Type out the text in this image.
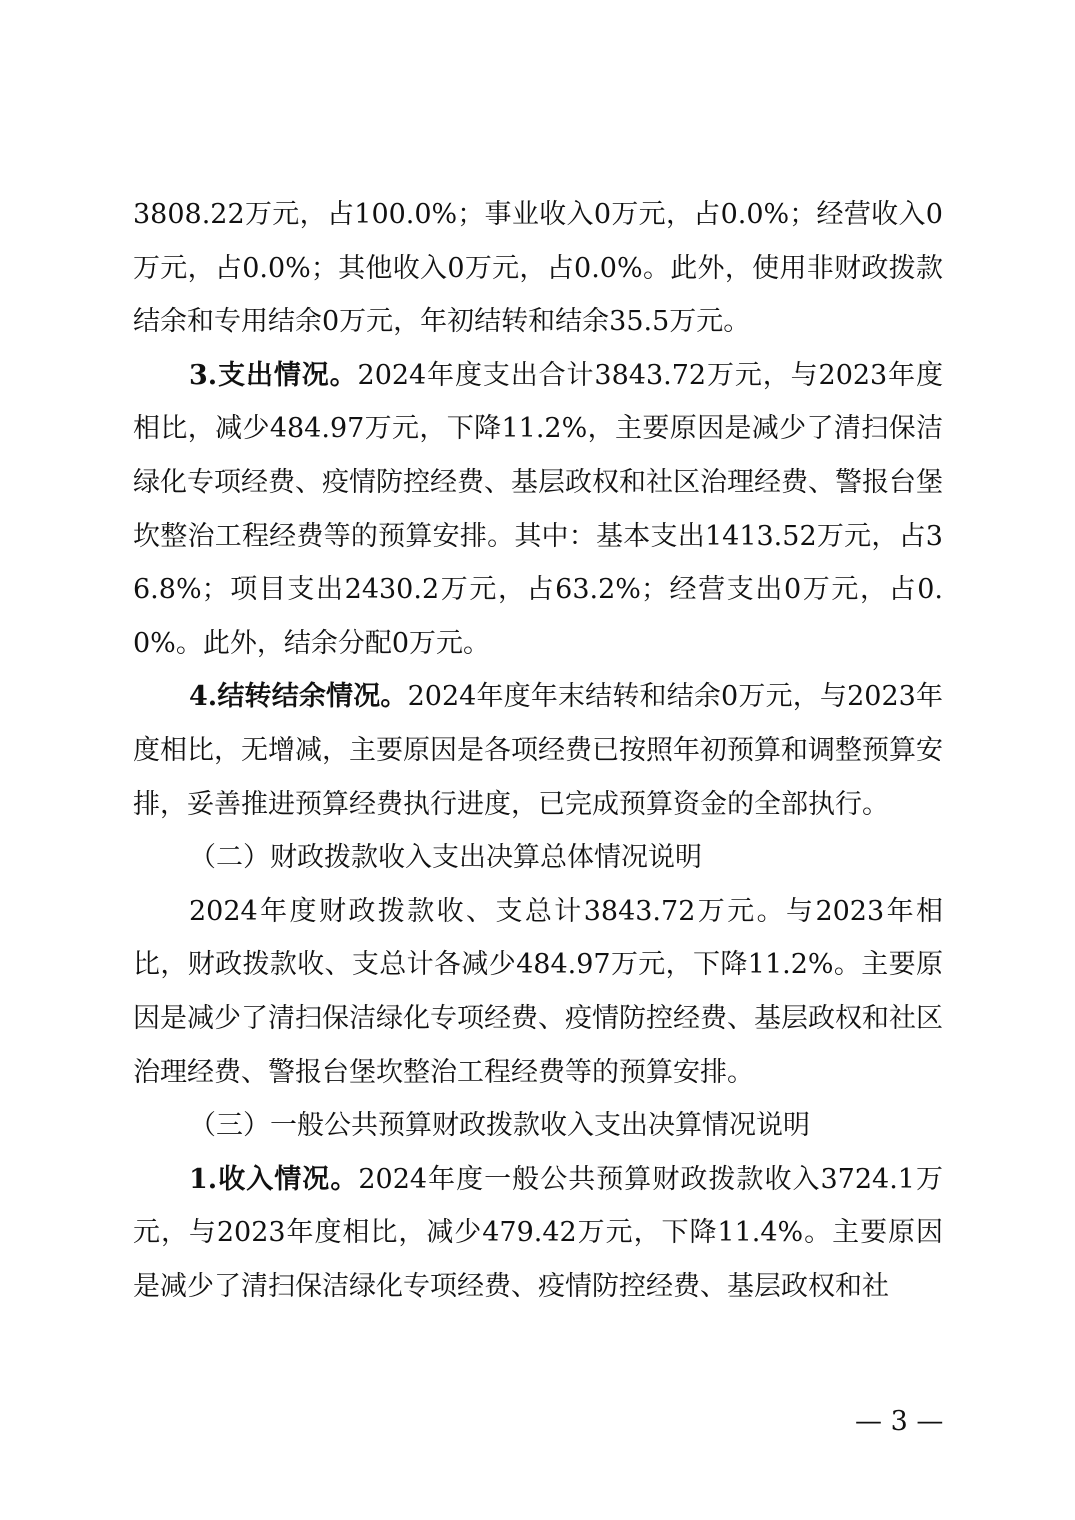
3808.22万元，占100.0%；事业收入0万元，占0.0%；经营收入0万元，占0.0%；其他收入0万元，占0.0%。此外，使用非财政拨款结余和专用结余0万元，年初结转和结余35.5万元。

3.支出情况。2024年度支出合计3843.72万元，与2023年度相比，减少484.97万元，下降11.2%，主要原因是减少了清扫保洁绿化专项经费、疫情防控经费、基层政权和社区治理经费、警报台堡坎整治工程经费等的预算安排。其中：基本支出1413.52万元，占36.8%；项目支出2430.2万元，占63.2%；经营支出0万元，占0.0%。此外，结余分配0万元。

4.结转结余情况。2024年度年末结转和结余0万元，与2023年度相比，无增减，主要原因是各项经费已按照年初预算和调整预算安排，妥善推进预算经费执行进度，已完成预算资金的全部执行。

（二）财政拨款收入支出决算总体情况说明

2024年度财政拨款收、支总计3843.72万元。与2023年相比，财政拨款收、支总计各减少484.97万元，下降11.2%。主要原因是减少了清扫保洁绿化专项经费、疫情防控经费、基层政权和社区治理经费、警报台堡坎整治工程经费等的预算安排。

（三）一般公共预算财政拨款收入支出决算情况说明

1.收入情况。2024年度一般公共预算财政拨款收入3724.1万元，与2023年度相比，减少479.42万元，下降11.4%。主要原因是减少了清扫保洁绿化专项经费、疫情防控经费、基层政权和社

— 3 —
